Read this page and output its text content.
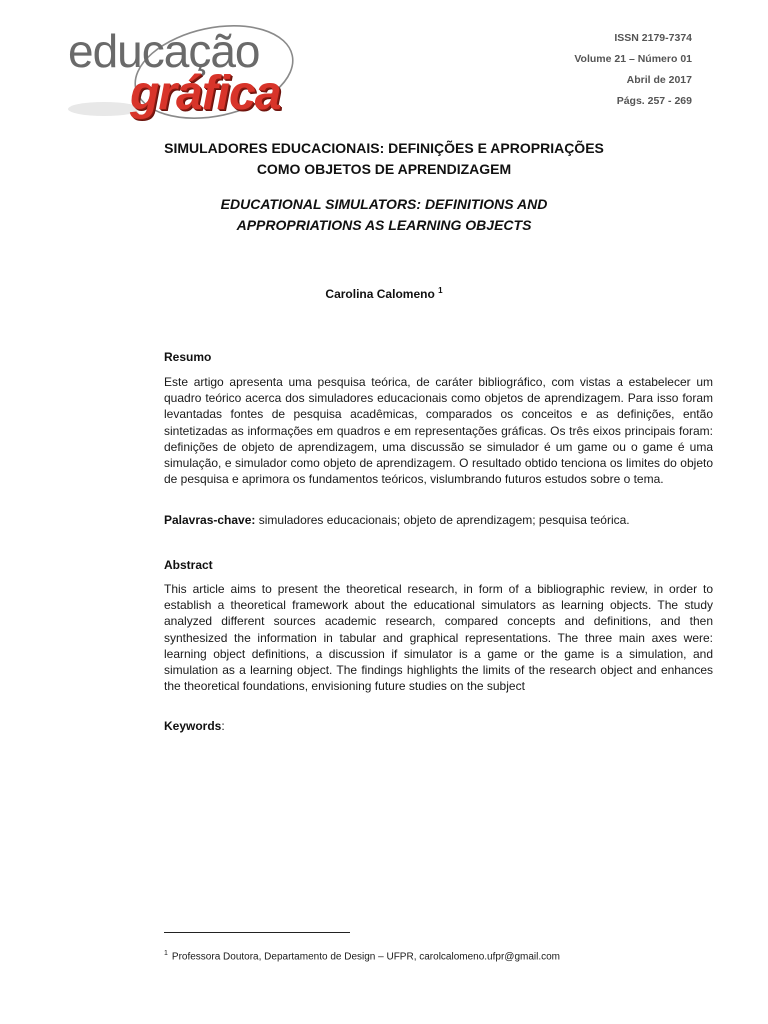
educação
gráfica
ISSN 2179-7374
Volume 21 – Número 01
Abril de 2017
Págs. 257 - 269
SIMULADORES EDUCACIONAIS: DEFINIÇÕES E APROPRIAÇÕES COMO OBJETOS DE APRENDIZAGEM
EDUCATIONAL SIMULATORS: DEFINITIONS AND APPROPRIATIONS AS LEARNING OBJECTS
Carolina Calomeno $^1$
Resumo
Este artigo apresenta uma pesquisa teórica, de caráter bibliográfico, com vistas a estabelecer um quadro teórico acerca dos simuladores educacionais como objetos de aprendizagem. Para isso foram levantadas fontes de pesquisa acadêmicas, comparados os conceitos e as definições, então sintetizadas as informações em quadros e em representações gráficas. Os três eixos principais foram: definições de objeto de aprendizagem, uma discussão se simulador é um game ou o game é uma simulação, e simulador como objeto de aprendizagem. O resultado obtido tenciona os limites do objeto de pesquisa e aprimora os fundamentos teóricos, vislumbrando futuros estudos sobre o tema.
Palavras-chave: simuladores educacionais; objeto de aprendizagem; pesquisa teórica.
Abstract
This article aims to present the theoretical research, in form of a bibliographic review, in order to establish a theoretical framework about the educational simulators as learning objects. The study analyzed different sources academic research, compared concepts and definitions, and then synthesized the information in tabular and graphical representations. The three main axes were: learning object definitions, a discussion if simulator is a game or the game is a simulation, and simulation as a learning object. The findings highlights the limits of the research object and enhances the theoretical foundations, envisioning future studies on the subject
Keywords:
$^1$ Professora Doutora, Departamento de Design – UFPR, carolcalomeno.ufpr@gmail.com
